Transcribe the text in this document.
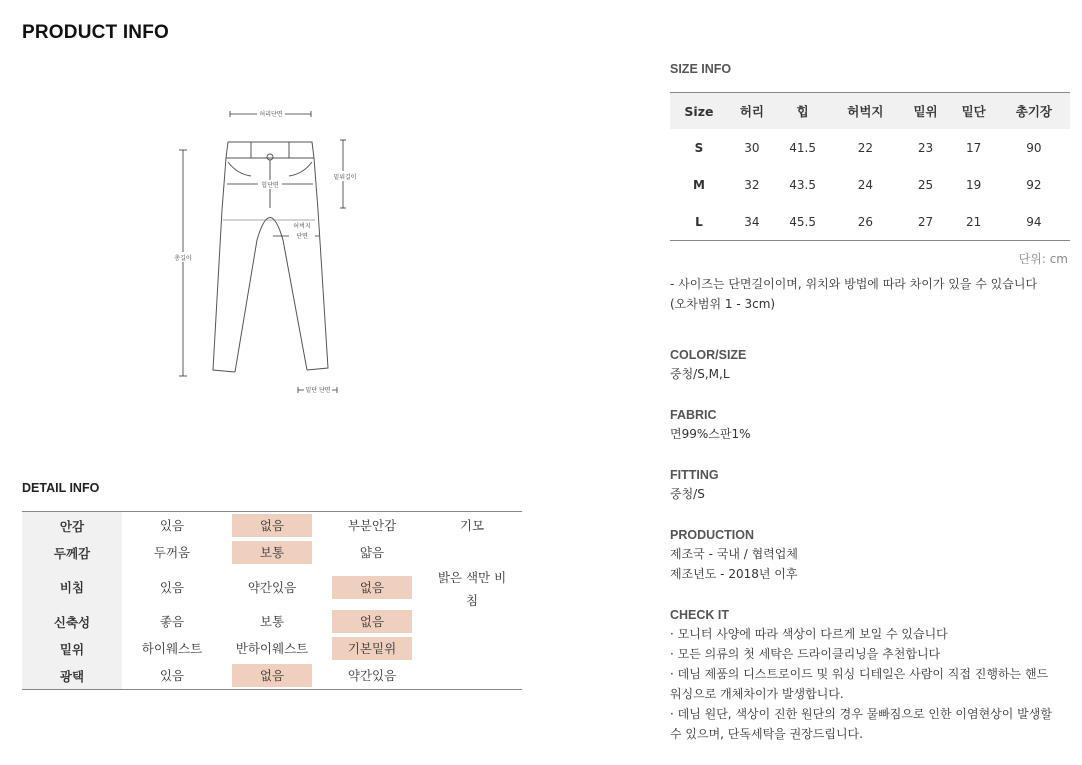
PRODUCT INFO
허리단면
밑위길이
힙단면
허벅지
단면
총길이
밑단 단면
DETAIL INFO
안감	있음	없음	부분안감	기모
두께감	두꺼움	보통	얇음	
비침	있음	약간있음	없음	밝은 색만 비침
신축성	좋음	보통	없음	
밑위	하이웨스트	반하이웨스트	기본밑위	
광택	있음	없음	약간있음	
SIZE INFO
Size	허리	힙	허벅지	밑위	밑단	총기장
S	30	41.5	22	23	17	90
M	32	43.5	24	25	19	92
L	34	45.5	26	27	21	94
단위: cm
- 사이즈는 단면길이이며, 위치와 방법에 따라 차이가 있을 수 있습니다
(오차범위 1 - 3cm)
COLOR/SIZE
중청/S,M,L
FABRIC
면99%스판1%
FITTING
중청/S
PRODUCTION
제조국 - 국내 / 협력업체
제조년도 - 2018년 이후
CHECK IT
· 모니터 사양에 따라 색상이 다르게 보일 수 있습니다
· 모든 의류의 첫 세탁은 드라이클리닝을 추천합니다
· 데님 제품의 디스트로이드 및 워싱 디테일은 사람이 직접 진행하는 핸드
워싱으로 개체차이가 발생합니다.
· 데님 원단, 색상이 진한 원단의 경우 물빠짐으로 인한 이염현상이 발생할
수 있으며, 단독세탁을 권장드립니다.
